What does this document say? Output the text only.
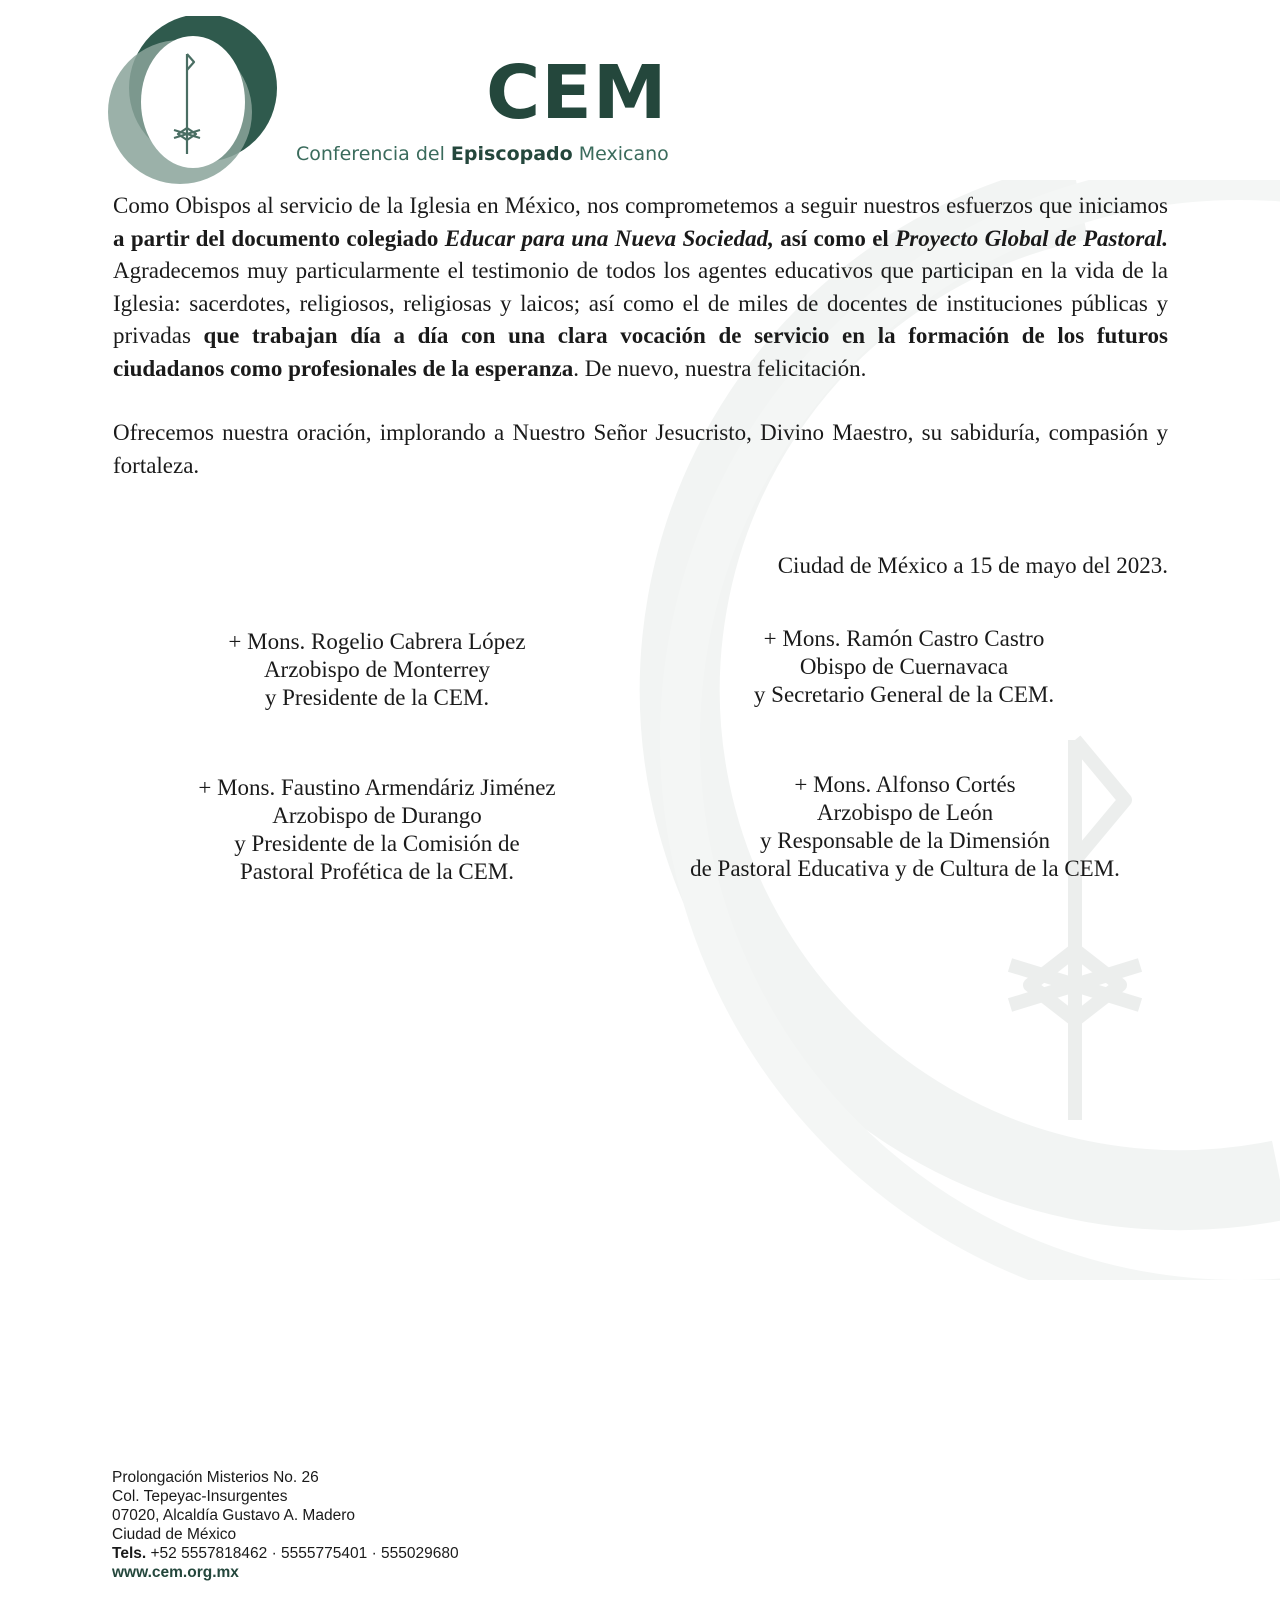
CEM
Conferencia del Episcopado Mexicano

Como Obispos al servicio de la Iglesia en México, nos comprometemos a seguir nuestros esfuerzos que iniciamos a partir del documento colegiado Educar para una Nueva Sociedad, así como el Proyecto Global de Pastoral. Agradecemos muy particularmente el testimonio de todos los agentes educativos que participan en la vida de la Iglesia: sacerdotes, religiosos, religiosas y laicos; así como el de miles de docentes de instituciones públicas y privadas que trabajan día a día con una clara vocación de servicio en la formación de los futuros ciudadanos como profesionales de la esperanza. De nuevo, nuestra felicitación.

Ofrecemos nuestra oración, implorando a Nuestro Señor Jesucristo, Divino Maestro, su sabiduría, compasión y fortaleza.

Ciudad de México a 15 de mayo del 2023.
+ Mons. Rogelio Cabrera López
Arzobispo de Monterrey
y Presidente de la CEM.
+ Mons. Ramón Castro Castro
Obispo de Cuernavaca
y Secretario General de la CEM.
+ Mons. Faustino Armendáriz Jiménez
Arzobispo de Durango
y Presidente de la Comisión de
Pastoral Profética de la CEM.
+ Mons. Alfonso Cortés
Arzobispo de León
y Responsable de la Dimensión
de Pastoral Educativa y de Cultura de la CEM.
Prolongación Misterios No. 26
Col. Tepeyac-Insurgentes
07020, Alcaldía Gustavo A. Madero
Ciudad de México
Tels. +52 5557818462 · 5555775401 · 555029680
www.cem.org.mx
